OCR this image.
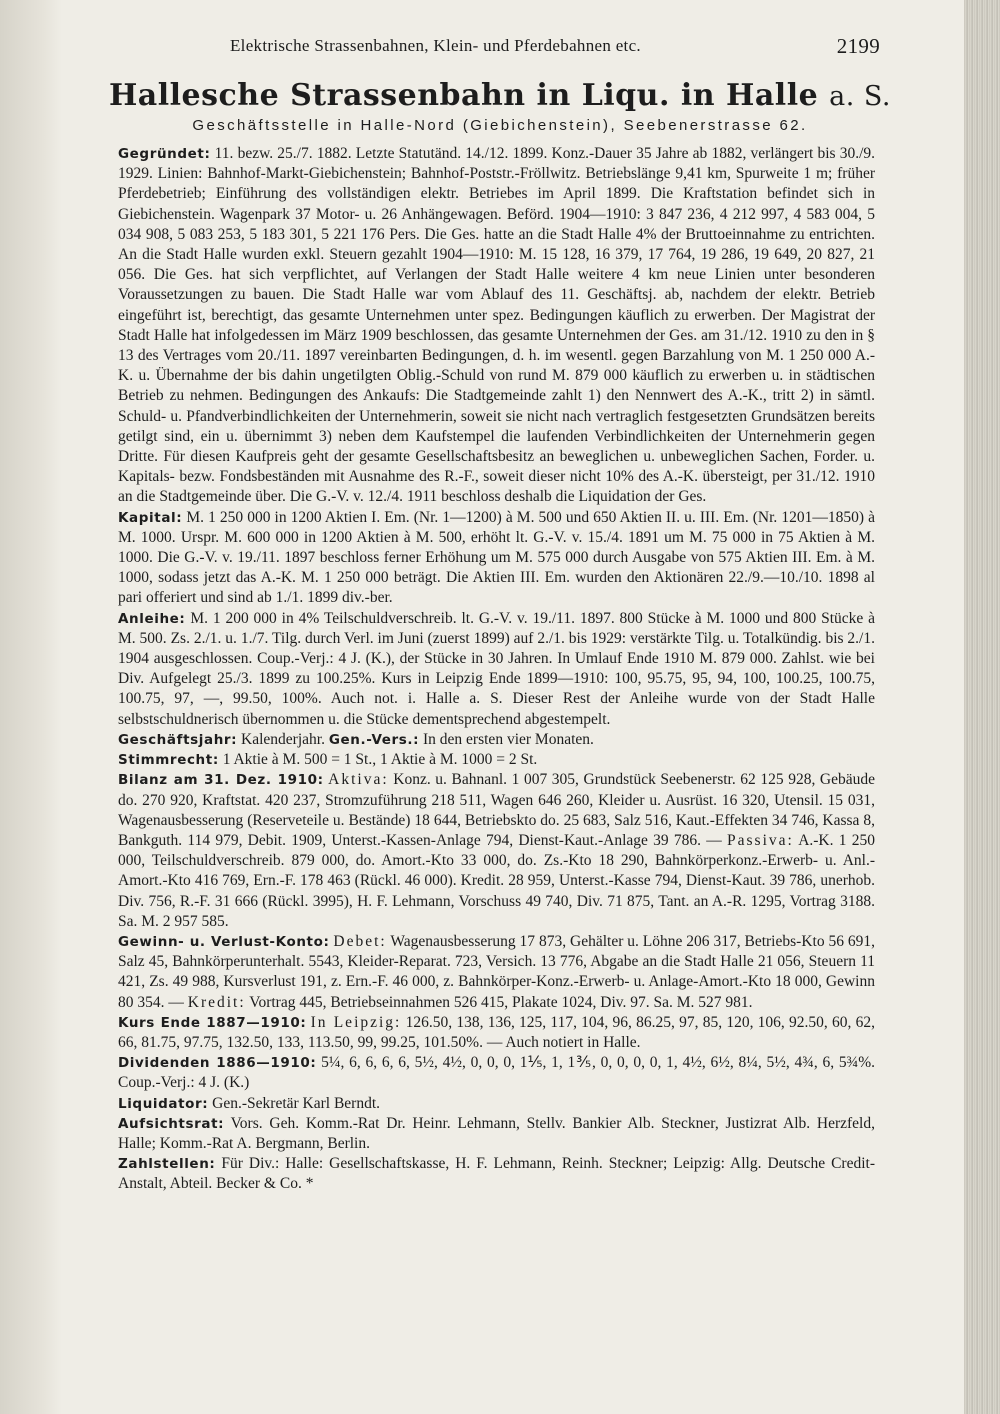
Elektrische Strassenbahnen, Klein- und Pferdebahnen etc.	2199
Hallesche Strassenbahn in Liqu. in Halle a. S.
Geschäftsstelle in Halle-Nord (Giebichenstein), Seebenerstrasse 62.

Gegründet: 11. bezw. 25./7. 1882. Letzte Statutänd. 14./12. 1899. Konz.-Dauer 35 Jahre ab 1882, verlängert bis 30./9. 1929. Linien: Bahnhof-Markt-Giebichenstein; Bahnhof-Poststr.-Fröllwitz. Betriebslänge 9,41 km, Spurweite 1 m; früher Pferdebetrieb; Einführung des vollständigen elektr. Betriebes im April 1899. Die Kraftstation befindet sich in Giebichenstein. Wagenpark 37 Motor- u. 26 Anhängewagen. Beförd. 1904—1910: 3 847 236, 4 212 997, 4 583 004, 5 034 908, 5 083 253, 5 183 301, 5 221 176 Pers. Die Ges. hatte an die Stadt Halle 4% der Bruttoeinnahme zu entrichten. An die Stadt Halle wurden exkl. Steuern gezahlt 1904—1910: M. 15 128, 16 379, 17 764, 19 286, 19 649, 20 827, 21 056. Die Ges. hat sich verpflichtet, auf Verlangen der Stadt Halle weitere 4 km neue Linien unter besonderen Voraussetzungen zu bauen. Die Stadt Halle war vom Ablauf des 11. Geschäftsj. ab, nachdem der elektr. Betrieb eingeführt ist, berechtigt, das gesamte Unternehmen unter spez. Bedingungen käuflich zu erwerben. Der Magistrat der Stadt Halle hat infolgedessen im März 1909 beschlossen, das gesamte Unternehmen der Ges. am 31./12. 1910 zu den in § 13 des Vertrages vom 20./11. 1897 vereinbarten Bedingungen, d. h. im wesentl. gegen Barzahlung von M. 1 250 000 A.-K. u. Übernahme der bis dahin ungetilgten Oblig.-Schuld von rund M. 879 000 käuflich zu erwerben u. in städtischen Betrieb zu nehmen. Bedingungen des Ankaufs: Die Stadtgemeinde zahlt 1) den Nennwert des A.-K., tritt 2) in sämtl. Schuld- u. Pfandverbindlichkeiten der Unternehmerin, soweit sie nicht nach vertraglich festgesetzten Grundsätzen bereits getilgt sind, ein u. übernimmt 3) neben dem Kaufstempel die laufenden Verbindlichkeiten der Unternehmerin gegen Dritte. Für diesen Kaufpreis geht der gesamte Gesellschaftsbesitz an beweglichen u. unbeweglichen Sachen, Forder. u. Kapitals- bezw. Fondsbeständen mit Ausnahme des R.-F., soweit dieser nicht 10% des A.-K. übersteigt, per 31./12. 1910 an die Stadtgemeinde über. Die G.-V. v. 12./4. 1911 beschloss deshalb die Liquidation der Ges.

Kapital: M. 1 250 000 in 1200 Aktien I. Em. (Nr. 1—1200) à M. 500 und 650 Aktien II. u. III. Em. (Nr. 1201—1850) à M. 1000. Urspr. M. 600 000 in 1200 Aktien à M. 500, erhöht lt. G.-V. v. 15./4. 1891 um M. 75 000 in 75 Aktien à M. 1000. Die G.-V. v. 19./11. 1897 beschloss ferner Erhöhung um M. 575 000 durch Ausgabe von 575 Aktien III. Em. à M. 1000, sodass jetzt das A.-K. M. 1 250 000 beträgt. Die Aktien III. Em. wurden den Aktionären 22./9.—10./10. 1898 al pari offeriert und sind ab 1./1. 1899 div.-ber.

Anleihe: M. 1 200 000 in 4% Teilschuldverschreib. lt. G.-V. v. 19./11. 1897. 800 Stücke à M. 1000 und 800 Stücke à M. 500. Zs. 2./1. u. 1./7. Tilg. durch Verl. im Juni (zuerst 1899) auf 2./1. bis 1929: verstärkte Tilg. u. Totalkündig. bis 2./1. 1904 ausgeschlossen. Coup.-Verj.: 4 J. (K.), der Stücke in 30 Jahren. In Umlauf Ende 1910 M. 879 000. Zahlst. wie bei Div. Aufgelegt 25./3. 1899 zu 100.25%. Kurs in Leipzig Ende 1899—1910: 100, 95.75, 95, 94, 100, 100.25, 100.75, 100.75, 97, —, 99.50, 100%. Auch not. i. Halle a. S. Dieser Rest der Anleihe wurde von der Stadt Halle selbstschuldnerisch übernommen u. die Stücke dementsprechend abgestempelt.

Geschäftsjahr: Kalenderjahr. Gen.-Vers.: In den ersten vier Monaten.

Stimmrecht: 1 Aktie à M. 500 = 1 St., 1 Aktie à M. 1000 = 2 St.

Bilanz am 31. Dez. 1910: Aktiva: Konz. u. Bahnanl. 1 007 305, Grundstück Seebenerstr. 62 125 928, Gebäude do. 270 920, Kraftstat. 420 237, Stromzuführung 218 511, Wagen 646 260, Kleider u. Ausrüst. 16 320, Utensil. 15 031, Wagenausbesserung (Reserveteile u. Bestände) 18 644, Betriebskto do. 25 683, Salz 516, Kaut.-Effekten 34 746, Kassa 8, Bankguth. 114 979, Debit. 1909, Unterst.-Kassen-Anlage 794, Dienst-Kaut.-Anlage 39 786. — Passiva: A.-K. 1 250 000, Teilschuldverschreib. 879 000, do. Amort.-Kto 33 000, do. Zs.-Kto 18 290, Bahnkörperkonz.-Erwerb- u. Anl.-Amort.-Kto 416 769, Ern.-F. 178 463 (Rückl. 46 000). Kredit. 28 959, Unterst.-Kasse 794, Dienst-Kaut. 39 786, unerhob. Div. 756, R.-F. 31 666 (Rückl. 3995), H. F. Lehmann, Vorschuss 49 740, Div. 71 875, Tant. an A.-R. 1295, Vortrag 3188. Sa. M. 2 957 585.

Gewinn- u. Verlust-Konto: Debet: Wagenausbesserung 17 873, Gehälter u. Löhne 206 317, Betriebs-Kto 56 691, Salz 45, Bahnkörperunterhalt. 5543, Kleider-Reparat. 723, Versich. 13 776, Abgabe an die Stadt Halle 21 056, Steuern 11 421, Zs. 49 988, Kursverlust 191, z. Ern.-F. 46 000, z. Bahnkörper-Konz.-Erwerb- u. Anlage-Amort.-Kto 18 000, Gewinn 80 354. — Kredit: Vortrag 445, Betriebseinnahmen 526 415, Plakate 1024, Div. 97. Sa. M. 527 981.

Kurs Ende 1887—1910: In Leipzig: 126.50, 138, 136, 125, 117, 104, 96, 86.25, 97, 85, 120, 106, 92.50, 60, 62, 66, 81.75, 97.75, 132.50, 133, 113.50, 99, 99.25, 101.50%. — Auch notiert in Halle.

Dividenden 1886—1910: 5¼, 6, 6, 6, 6, 5½, 4½, 0, 0, 0, 1⅕, 1, 1⅗, 0, 0, 0, 0, 1, 4½, 6½, 8¼, 5½, 4¾, 6, 5¾%. Coup.-Verj.: 4 J. (K.)

Liquidator: Gen.-Sekretär Karl Berndt.

Aufsichtsrat: Vors. Geh. Komm.-Rat Dr. Heinr. Lehmann, Stellv. Bankier Alb. Steckner, Justizrat Alb. Herzfeld, Halle; Komm.-Rat A. Bergmann, Berlin.

Zahlstellen: Für Div.: Halle: Gesellschaftskasse, H. F. Lehmann, Reinh. Steckner; Leipzig: Allg. Deutsche Credit-Anstalt, Abteil. Becker & Co. *
